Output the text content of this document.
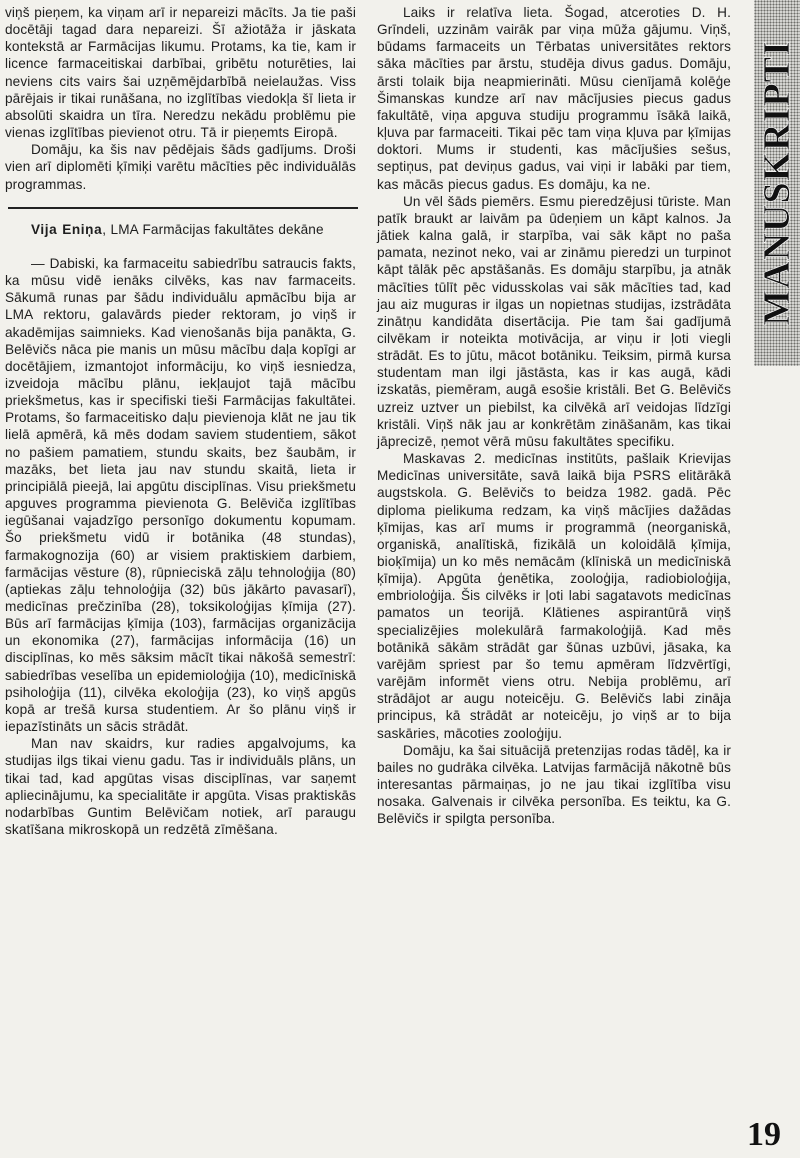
viņš pieņem, ka viņam arī ir nepareizi mācīts. Ja tie paši docētāji tagad dara nepareizi. Šī ažiotāža ir jāskata kontekstā ar Farmācijas likumu. Protams, ka tie, kam ir licence farmaceitiskai darbībai, gribētu noturēties, lai neviens cits vairs šai uzņēmējdarbībā neielaužas. Viss pārējais ir tikai runāšana, no izglītības viedokļa šī lieta ir absolūti skaidra un tīra. Neredzu nekādu problēmu pie vienas izglītības pievienot otru. Tā ir pieņemts Eiropā.

Domāju, ka šis nav pēdējais šāds gadījums. Droši vien arī diplomēti ķīmiķi varētu mācīties pēc individuālās programmas.

Vija Eniņa, LMA Farmācijas fakultātes dekāne

— Dabiski, ka farmaceitu sabiedrību satraucis fakts, ka mūsu vidē ienāks cilvēks, kas nav farmaceits. Sākumā runas par šādu individuālu apmācību bija ar LMA rektoru, galavārds pieder rektoram, jo viņš ir akadēmijas saimnieks. Kad vienošanās bija panākta, G. Belēvičs nāca pie manis un mūsu mācību daļa kopīgi ar docētājiem, izmantojot informāciju, ko viņš iesniedza, izveidoja mācību plānu, iekļaujot tajā mācību priekšmetus, kas ir specifiski tieši Farmācijas fakultātei. Protams, šo farmaceitisko daļu pievienoja klāt ne jau tik lielā apmērā, kā mēs dodam saviem studentiem, sākot no pašiem pamatiem, stundu skaits, bez šaubām, ir mazāks, bet lieta jau nav stundu skaitā, lieta ir principiālā pieejā, lai apgūtu disciplīnas. Visu priekšmetu apguves programma pievienota G. Belēviča izglītības iegūšanai vajadzīgo personīgo dokumentu kopumam. Šo priekšmetu vidū ir botānika (48 stundas), farmakognozija (60) ar visiem praktiskiem darbiem, farmācijas vēsture (8), rūpnieciskā zāļu tehnoloģija (80) (aptiekas zāļu tehnoloģija (32) būs jākārto pavasarī), medicīnas prečzinība (28), toksikoloģijas ķīmija (27). Būs arī farmācijas ķīmija (103), farmācijas organizācija un ekonomika (27), farmācijas informācija (16) un disciplīnas, ko mēs sāksim mācīt tikai nākošā semestrī: sabiedrības veselība un epidemioloģija (10), medicīniskā psiholoģija (11), cilvēka ekoloģija (23), ko viņš apgūs kopā ar trešā kursa studentiem. Ar šo plānu viņš ir iepazīstināts un sācis strādāt.

Man nav skaidrs, kur radies apgalvojums, ka studijas ilgs tikai vienu gadu. Tas ir individuāls plāns, un tikai tad, kad apgūtas visas disciplīnas, var saņemt apliecinājumu, ka specialitāte ir apgūta. Visas praktiskās nodarbības Guntim Belēvičam notiek, arī paraugu skatīšana mikroskopā un redzētā zīmēšana.

Laiks ir relatīva lieta. Šogad, atceroties D. H. Grīndeli, uzzinām vairāk par viņa mūža gājumu. Viņš, būdams farmaceits un Tērbatas universitātes rektors sāka mācīties par ārstu, studēja divus gadus. Domāju, ārsti tolaik bija neapmierināti. Mūsu cienījamā kolēģe Šimanskas kundze arī nav mācījusies piecus gadus fakultātē, viņa apguva studiju programmu īsākā laikā, kļuva par farmaceiti. Tikai pēc tam viņa kļuva par ķīmijas doktori. Mums ir studenti, kas mācījušies sešus, septiņus, pat deviņus gadus, vai viņi ir labāki par tiem, kas mācās piecus gadus. Es domāju, ka ne.

Un vēl šāds piemērs. Esmu pieredzējusi tūriste. Man patīk braukt ar laivām pa ūdeņiem un kāpt kalnos. Ja jātiek kalna galā, ir starpība, vai sāk kāpt no paša pamata, nezinot neko, vai ar zināmu pieredzi un turpinot kāpt tālāk pēc apstāšanās. Es domāju starpību, ja atnāk mācīties tūlīt pēc vidusskolas vai sāk mācīties tad, kad jau aiz muguras ir ilgas un nopietnas studijas, izstrādāta zinātņu kandidāta disertācija. Pie tam šai gadījumā cilvēkam ir noteikta motivācija, ar viņu ir ļoti viegli strādāt. Es to jūtu, mācot botāniku. Teiksim, pirmā kursa studentam man ilgi jāstāsta, kas ir kas augā, kādi izskatās, piemēram, augā esošie kristāli. Bet G. Belēvičs uzreiz uztver un piebilst, ka cilvēkā arī veidojas līdzīgi kristāli. Viņš nāk jau ar konkrētām zināšanām, kas tikai jāprecizē, ņemot vērā mūsu fakultātes specifiku.

Maskavas 2. medicīnas institūts, pašlaik Krievijas Medicīnas universitāte, savā laikā bija PSRS elitārākā augstskola. G. Belēvičs to beidza 1982. gadā. Pēc diploma pielikuma redzam, ka viņš mācījies dažādas ķīmijas, kas arī mums ir programmā (neorganiskā, organiskā, analītiskā, fizikālā un koloidālā ķīmija, bioķīmija) un ko mēs nemācām (klīniskā un medicīniskā ķīmija). Apgūta ģenētika, zooloģija, radiobioloģija, embrioloģija. Šis cilvēks ir ļoti labi sagatavots medicīnas pamatos un teorijā. Klātienes aspirantūrā viņš specializējies molekulārā farmakoloģijā. Kad mēs botānikā sākām strādāt gar šūnas uzbūvi, jāsaka, ka varējām spriest par šo temu apmēram līdzvērtīgi, varējām informēt viens otru. Nebija problēmu, arī strādājot ar augu noteicēju. G. Belēvičs labi zināja principus, kā strādāt ar noteicēju, jo viņš ar to bija saskāries, mācoties zooloģiju.

Domāju, ka šai situācijā pretenzijas rodas tādēļ, ka ir bailes no gudrāka cilvēka. Latvijas farmācijā nākotnē būs interesantas pārmaiņas, jo ne jau tikai izglītība visu nosaka. Galvenais ir cilvēka personība. Es teiktu, ka G. Belēvičs ir spilgta personība.

MANUSKRIPTI
19
